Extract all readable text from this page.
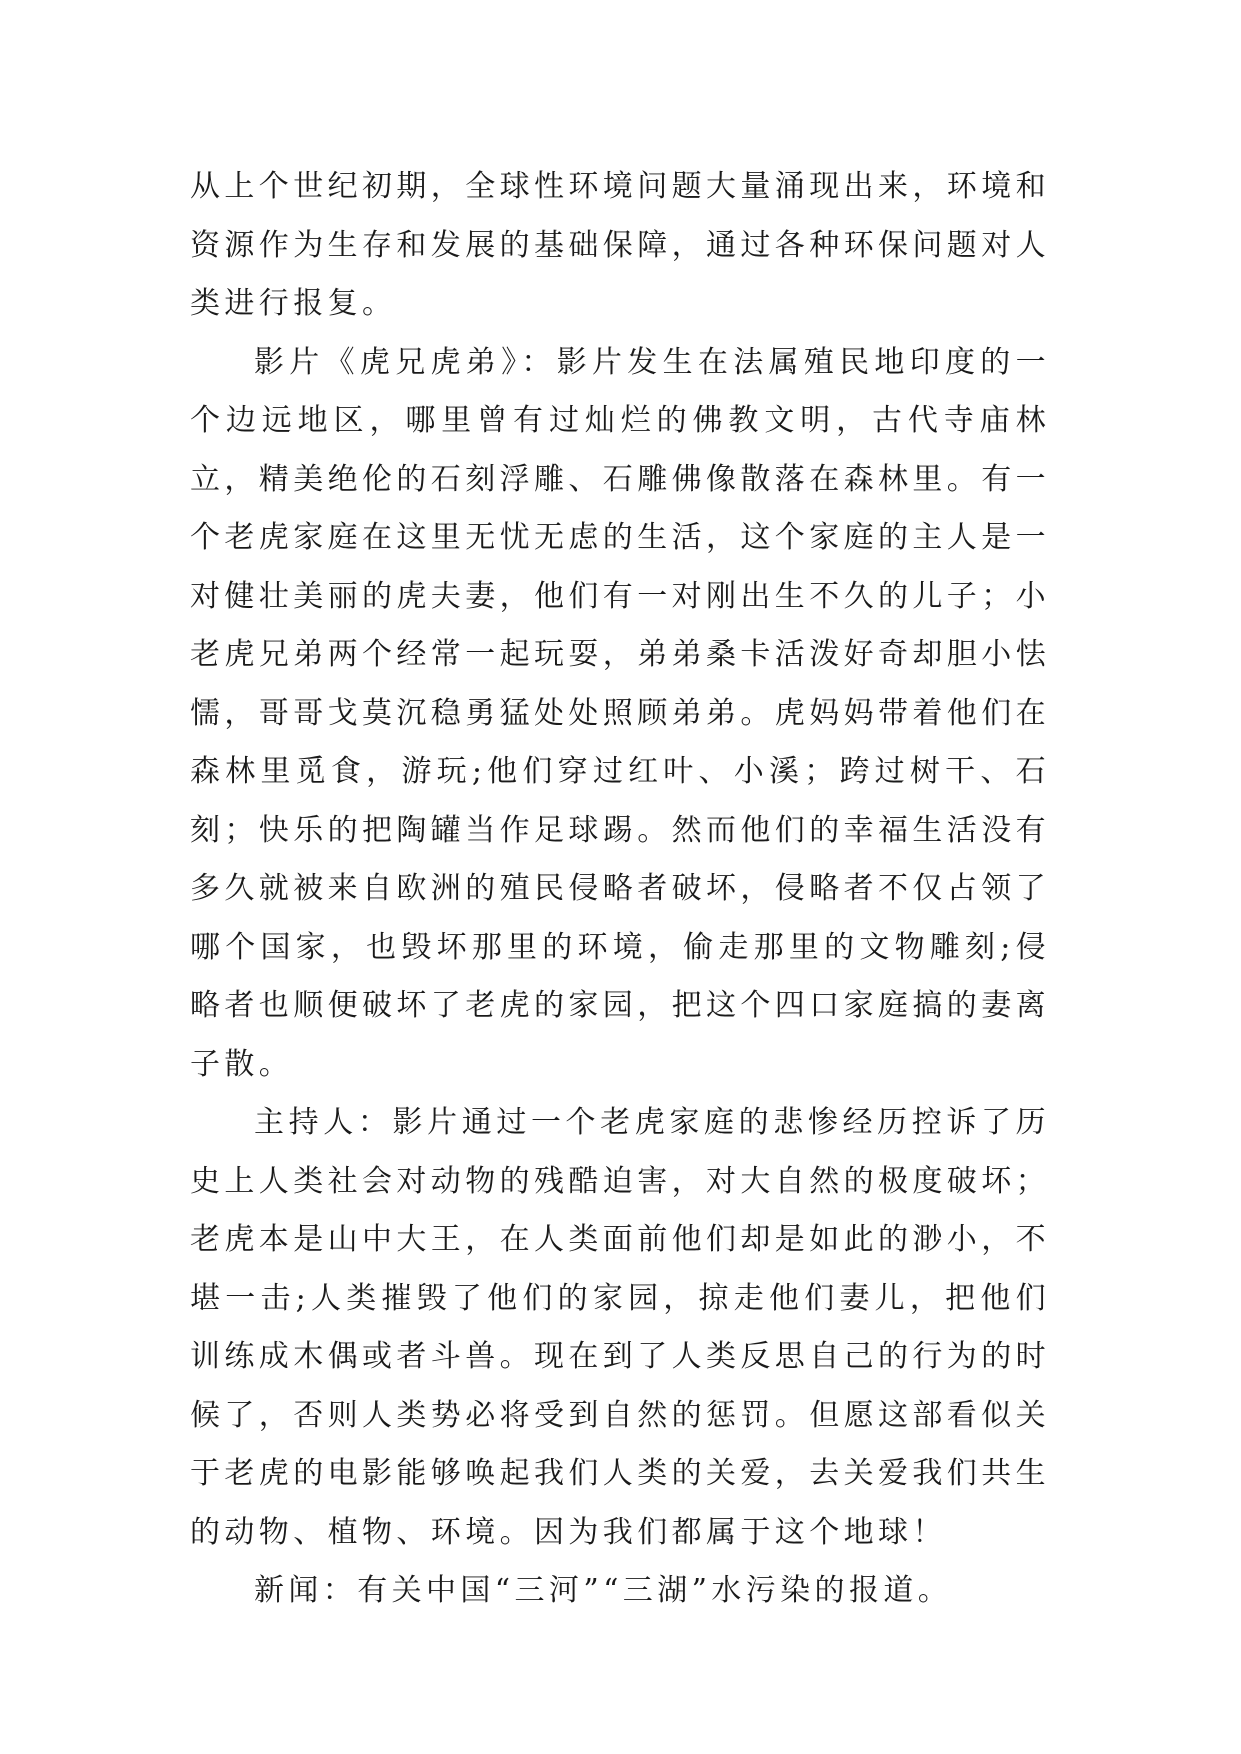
从上个世纪初期，全球性环境问题大量涌现出来，环境和资源作为生存和发展的基础保障，通过各种环保问题对人类进行报复。

影片《虎兄虎弟》：影片发生在法属殖民地印度的一个边远地区，哪里曾有过灿烂的佛教文明，古代寺庙林立，精美绝伦的石刻浮雕、石雕佛像散落在森林里。有一个老虎家庭在这里无忧无虑的生活，这个家庭的主人是一对健壮美丽的虎夫妻，他们有一对刚出生不久的儿子；小老虎兄弟两个经常一起玩耍，弟弟桑卡活泼好奇却胆小怯懦，哥哥戈莫沉稳勇猛处处照顾弟弟。虎妈妈带着他们在森林里觅食，游玩;他们穿过红叶、小溪；跨过树干、石刻；快乐的把陶罐当作足球踢。然而他们的幸福生活没有多久就被来自欧洲的殖民侵略者破坏，侵略者不仅占领了哪个国家，也毁坏那里的环境，偷走那里的文物雕刻;侵略者也顺便破坏了老虎的家园，把这个四口家庭搞的妻离子散。

主持人：影片通过一个老虎家庭的悲惨经历控诉了历史上人类社会对动物的残酷迫害，对大自然的极度破坏；老虎本是山中大王，在人类面前他们却是如此的渺小，不堪一击;人类摧毁了他们的家园，掠走他们妻儿，把他们训练成木偶或者斗兽。现在到了人类反思自己的行为的时候了，否则人类势必将受到自然的惩罚。但愿这部看似关于老虎的电影能够唤起我们人类的关爱，去关爱我们共生的动物、植物、环境。因为我们都属于这个地球！

新闻：有关中国“三河”“三湖”水污染的报道。
